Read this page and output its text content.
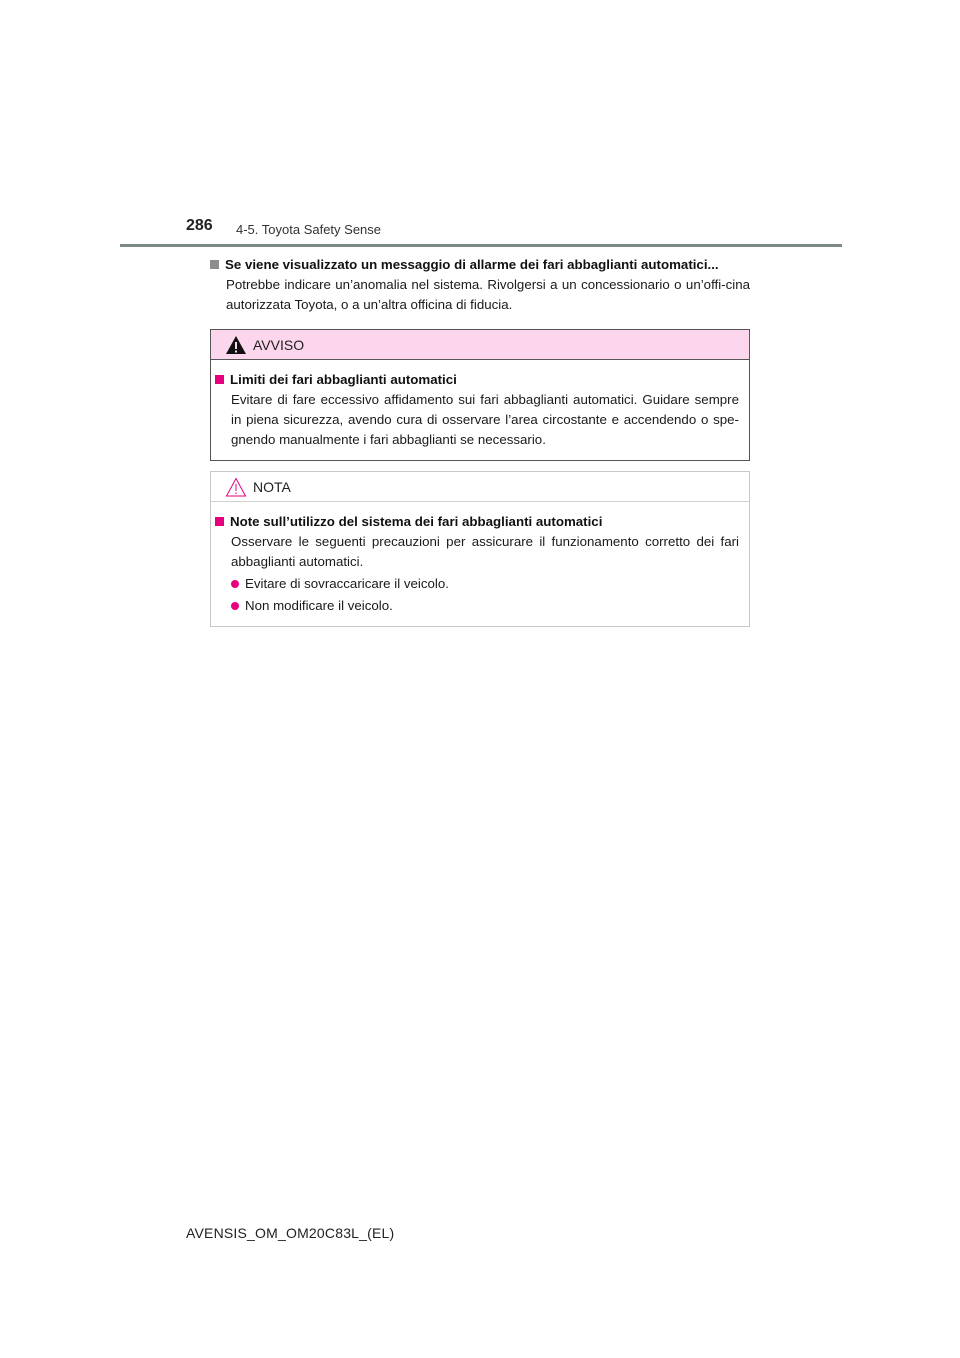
286 4-5. Toyota Safety Sense
Se viene visualizzato un messaggio di allarme dei fari abbaglianti automatici...
Potrebbe indicare un’anomalia nel sistema. Rivolgersi a un concessionario o un’offi-cina autorizzata Toyota, o a un’altra officina di fiducia.
AVVISO
Limiti dei fari abbaglianti automatici
Evitare di fare eccessivo affidamento sui fari abbaglianti automatici. Guidare sempre in piena sicurezza, avendo cura di osservare l’area circostante e accendendo o spe-gnendo manualmente i fari abbaglianti se necessario.
NOTA
Note sull’utilizzo del sistema dei fari abbaglianti automatici
Osservare le seguenti precauzioni per assicurare il funzionamento corretto dei fari abbaglianti automatici.
Evitare di sovraccaricare il veicolo.
Non modificare il veicolo.
AVENSIS_OM_OM20C83L_(EL)
